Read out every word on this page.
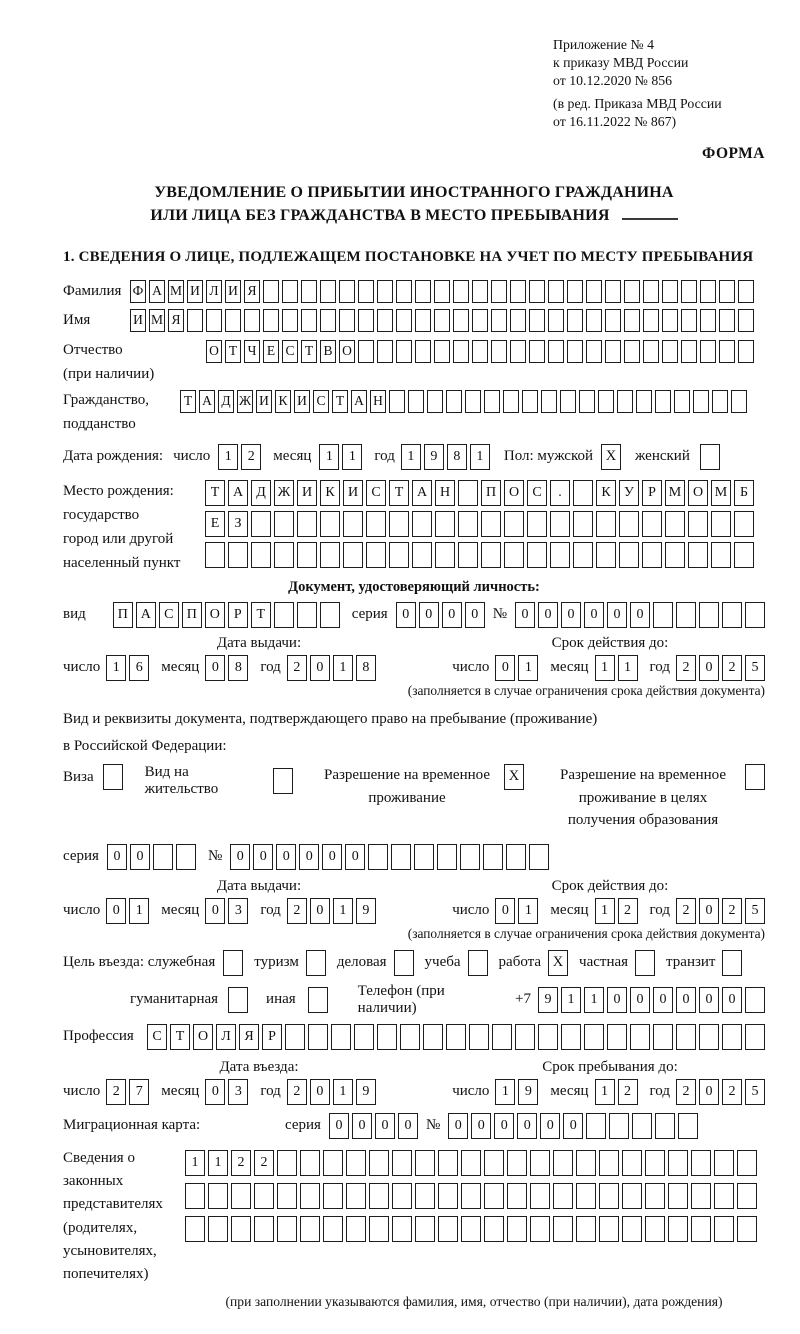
Приложение № 4
к приказу МВД России
от 10.12.2020 № 856
(в ред. Приказа МВД России
от 16.11.2022 № 867)
ФОРМА
УВЕДОМЛЕНИЕ О ПРИБЫТИИ ИНОСТРАННОГО ГРАЖДАНИНА
ИЛИ ЛИЦА БЕЗ ГРАЖДАНСТВА В МЕСТО ПРЕБЫВАНИЯ
1. СВЕДЕНИЯ О ЛИЦЕ, ПОДЛЕЖАЩЕМ ПОСТАНОВКЕ НА УЧЕТ ПО МЕСТУ ПРЕБЫВАНИЯ
Фамилия Ф А М И Л И Я
Имя	И М Я
Отчество
(при наличии)
О Т Ч Е С Т В О
Гражданство,
подданство
Т А Д Ж И К И С Т А Н
Дата рождения: число	1	2	месяц	1	1	год 1	9	8	1	Пол: мужской X	женский
Место рождения:
государство
город или другой
населенный пункт
Т А Д Ж И К И С	Т А Н	П О С	.	К У	Р М О М Б
Е	З
Документ, удостоверяющий личность:
вид	П А С П О	Р	Т	серия	0	0	0	0 №	0	0	0	0	0	0
Дата выдачи:	Срок действия до:
число 1	6	месяц 0	8	год 2	0	1	8	число 0	1	месяц 1	1	год 2	0	2	5
(заполняется в случае ограничения срока действия документа)
Вид и реквизиты документа, подтверждающего право на пребывание (проживание)
в Российской Федерации:
Виза	Вид на жительство
Разрешение на временное проживание
X	Разрешение на временное проживание в целях получения образования
серия	0	0	№	0	0	0	0	0	0
Дата выдачи:	Срок действия до:
число 0	1	месяц 0	3	год 2	0	1	9	число 0	1	месяц 1	2	год 2	0	2	5
(заполняется в случае ограничения срока действия документа)
Цель въезда: служебная	туризм	деловая	учеба	работа X	частная	транзит
гуманитарная	иная
Телефон (при наличии)
+7 9	1	1	0	0	0	0	0	0
Профессия	С	Т О Л Я	Р
Дата въезда:	Срок пребывания до:
число 2	7	месяц 0	3	год 2	0	1	9	число 1	9	месяц 1	2	год 2	0	2	5
Миграционная карта:	серия	0	0	0	0 №	0	0	0	0	0	0
Сведения о
законных
представителях
(родителях,
усыновителях,
попечителях)
1	1	2	2
(при заполнении указываются фамилия, имя, отчество (при наличии), дата рождения)
